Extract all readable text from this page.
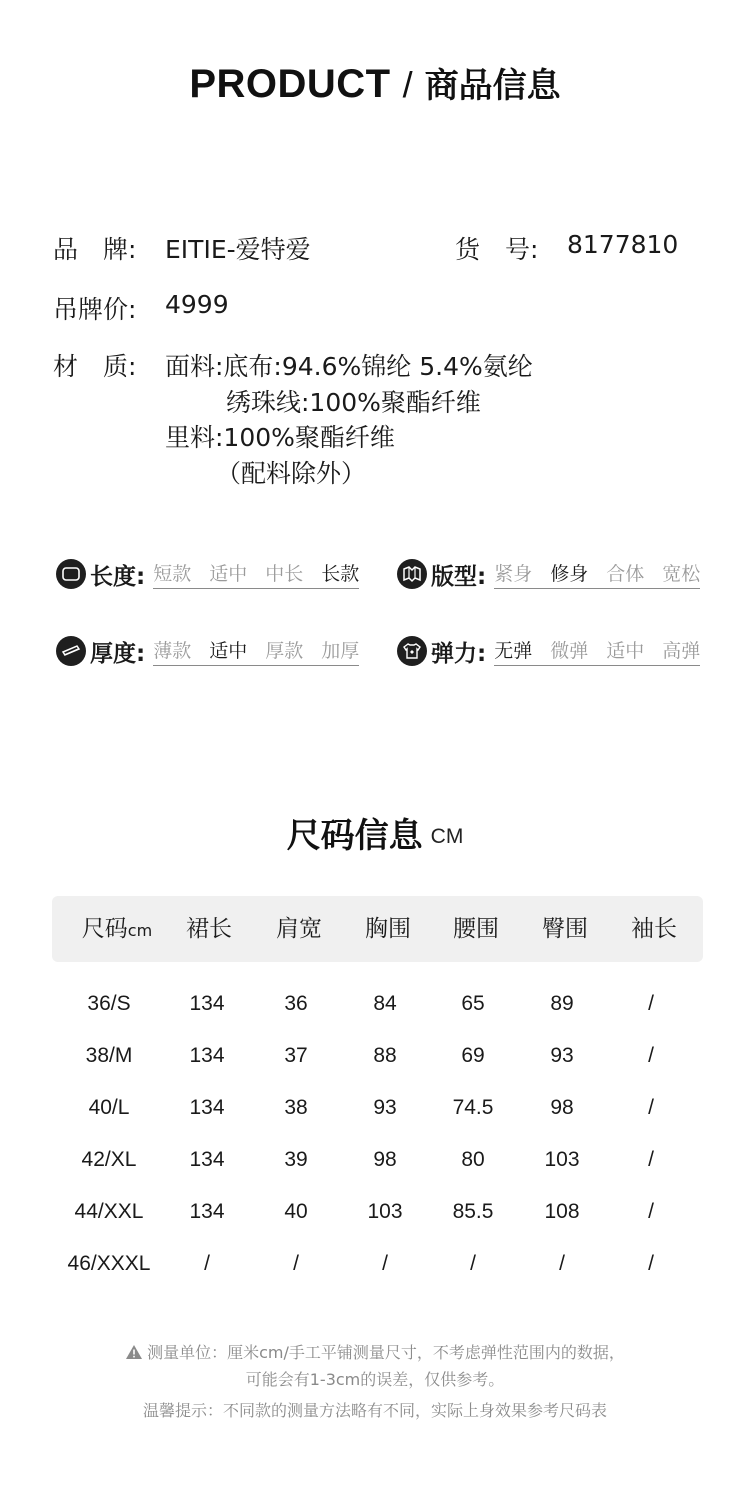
PRODUCT / 商品信息
品　牌: EITIE-爱特爱	货　号: 8177810
吊牌价: 4999
材　质: 面料:底布:94.6%锦纶 5.4%氨纶
绣珠线:100%聚酯纤维
里料:100%聚酯纤维
（配料除外）
长度: 短款 适中 中长 长款	版型: 紧身 修身 合体 宽松
厚度: 薄款 适中 厚款 加厚	弹力: 无弹 微弹 适中 高弹
尺码信息 CM
尺码cm	裙长	肩宽	胸围	腰围	臀围	袖长
36/S	134	36	84	65	89	/
38/M	134	37	88	69	93	/
40/L	134	38	93	74.5	98	/
42/XL	134	39	98	80	103	/
44/XXL	134	40	103	85.5	108	/
46/XXXL	/	/	/	/	/	/
测量单位：厘米cm/手工平铺测量尺寸，不考虑弹性范围内的数据，
可能会有1-3cm的误差，仅供参考。
温馨提示：不同款的测量方法略有不同，实际上身效果参考尺码表
